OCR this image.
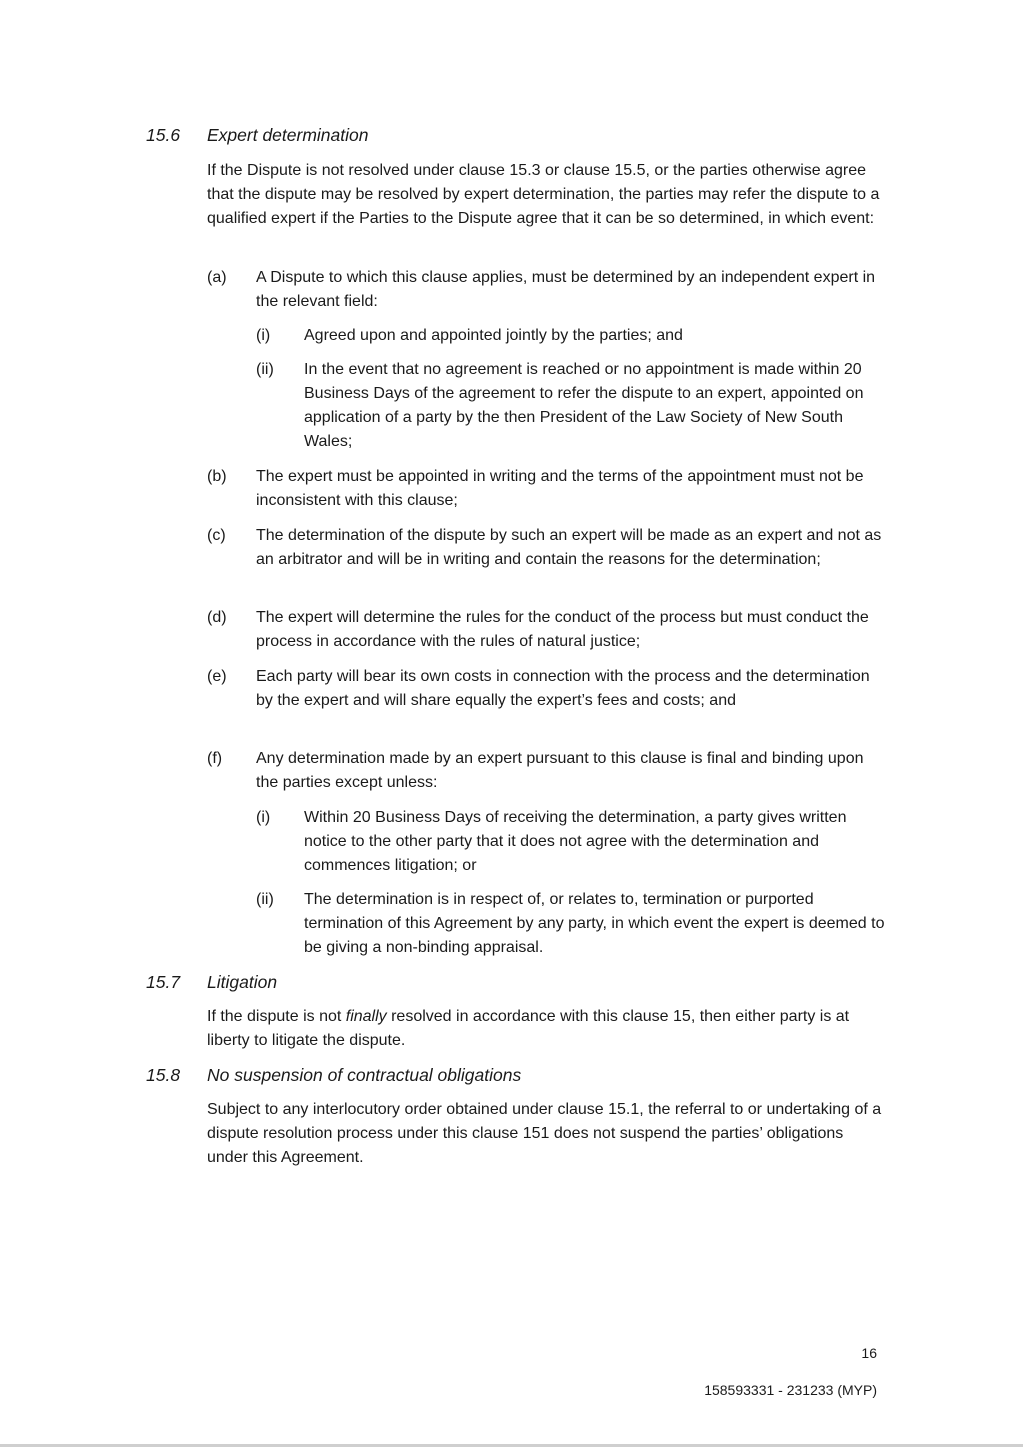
15.6 Expert determination

If the Dispute is not resolved under clause 15.3 or clause 15.5, or the parties otherwise agree that the dispute may be resolved by expert determination, the parties may refer the dispute to a qualified expert if the Parties to the Dispute agree that it can be so determined, in which event:

(a) A Dispute to which this clause applies, must be determined by an independent expert in the relevant field:
(i) Agreed upon and appointed jointly by the parties; and
(ii) In the event that no agreement is reached or no appointment is made within 20 Business Days of the agreement to refer the dispute to an expert, appointed on application of a party by the then President of the Law Society of New South Wales;
(b) The expert must be appointed in writing and the terms of the appointment must not be inconsistent with this clause;
(c) The determination of the dispute by such an expert will be made as an expert and not as an arbitrator and will be in writing and contain the reasons for the determination;
(d) The expert will determine the rules for the conduct of the process but must conduct the process in accordance with the rules of natural justice;
(e) Each party will bear its own costs in connection with the process and the determination by the expert and will share equally the expert’s fees and costs; and
(f) Any determination made by an expert pursuant to this clause is final and binding upon the parties except unless:
(i) Within 20 Business Days of receiving the determination, a party gives written notice to the other party that it does not agree with the determination and commences litigation; or
(ii) The determination is in respect of, or relates to, termination or purported termination of this Agreement by any party, in which event the expert is deemed to be giving a non-binding appraisal.
15.7 Litigation

If the dispute is not finally resolved in accordance with this clause 15, then either party is at liberty to litigate the dispute.

15.8 No suspension of contractual obligations

Subject to any interlocutory order obtained under clause 15.1, the referral to or undertaking of a dispute resolution process under this clause 151 does not suspend the parties’ obligations under this Agreement.

16
158593331 - 231233 (MYP)
